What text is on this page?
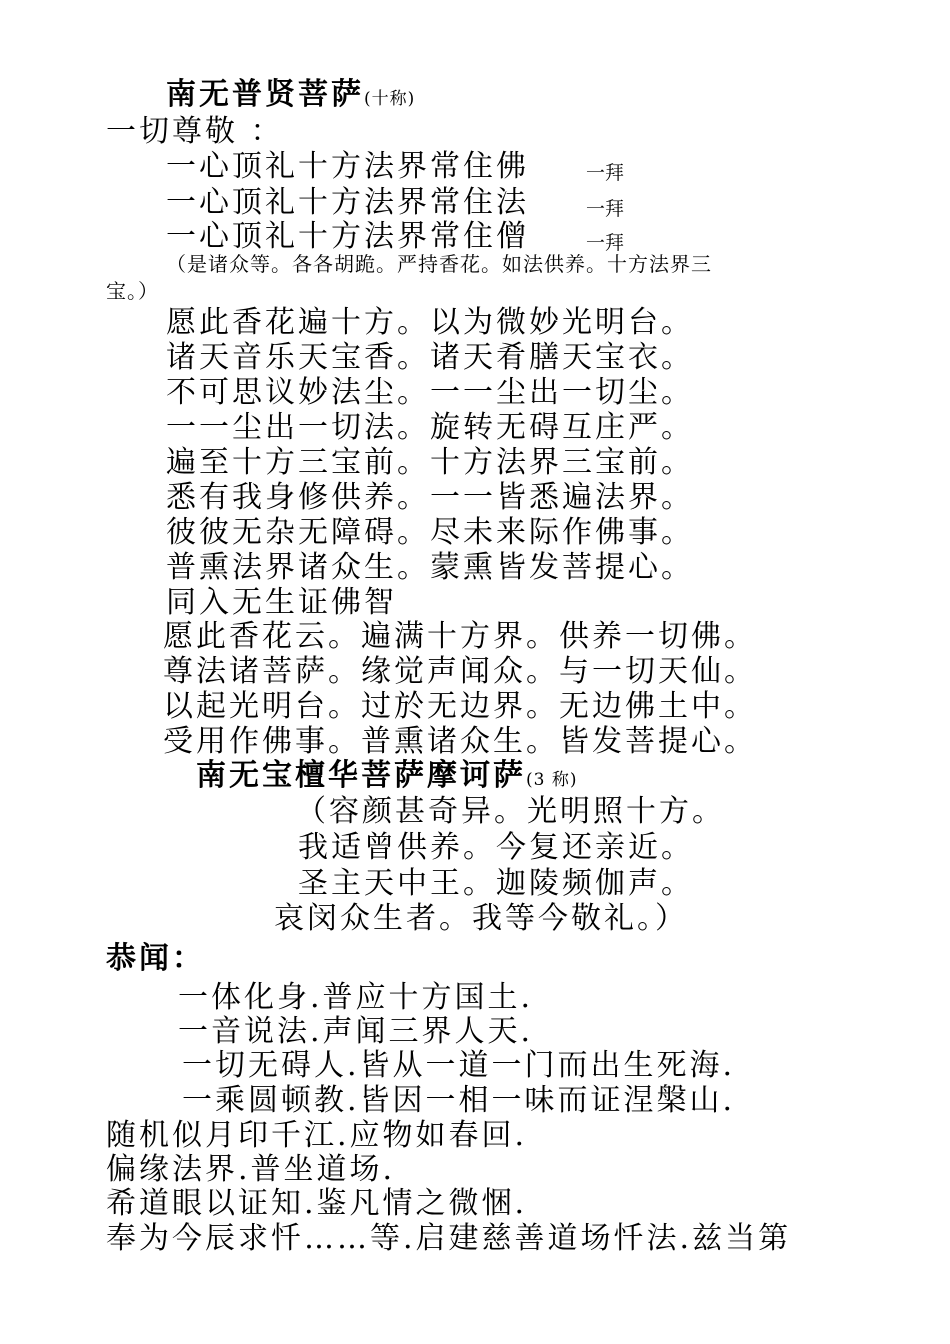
南无普贤菩萨(十称)
一切尊敬 ：
一心顶礼十方法界常住佛	一拜
一心顶礼十方法界常住法	一拜
一心顶礼十方法界常住僧	一拜
（是诸众等。各各胡跪。严持香花。如法供养。十方法界三
宝。）
愿此香花遍十方。以为微妙光明台。
诸天音乐天宝香。诸天肴膳天宝衣。
不可思议妙法尘。一一尘出一切尘。
一一尘出一切法。旋转无碍互庄严。
遍至十方三宝前。十方法界三宝前。
悉有我身修供养。一一皆悉遍法界。
彼彼无杂无障碍。尽未来际作佛事。
普熏法界诸众生。蒙熏皆发菩提心。
同入无生证佛智
愿此香花云。遍满十方界。供养一切佛。
尊法诸菩萨。缘觉声闻众。与一切天仙。
以起光明台。过於无边界。无边佛土中。
受用作佛事。普熏诸众生。皆发菩提心。
南无宝檀华菩萨摩诃萨(3 称)
（容颜甚奇异。光明照十方。
我适曾供养。今复还亲近。
圣主天中王。迦陵频伽声。
哀闵众生者。我等今敬礼。）
恭闻：
一体化身.普应十方国土.
一音说法.声闻三界人天.
一切无碍人.皆从一道一门而出生死海.
一乘圆顿教.皆因一相一味而证涅槃山.
随机似月印千江.应物如春回.
偏缘法界.普坐道场.
希道眼以证知.鉴凡情之微悃.
奉为今辰求忏……等.启建慈善道场忏法.兹当第
